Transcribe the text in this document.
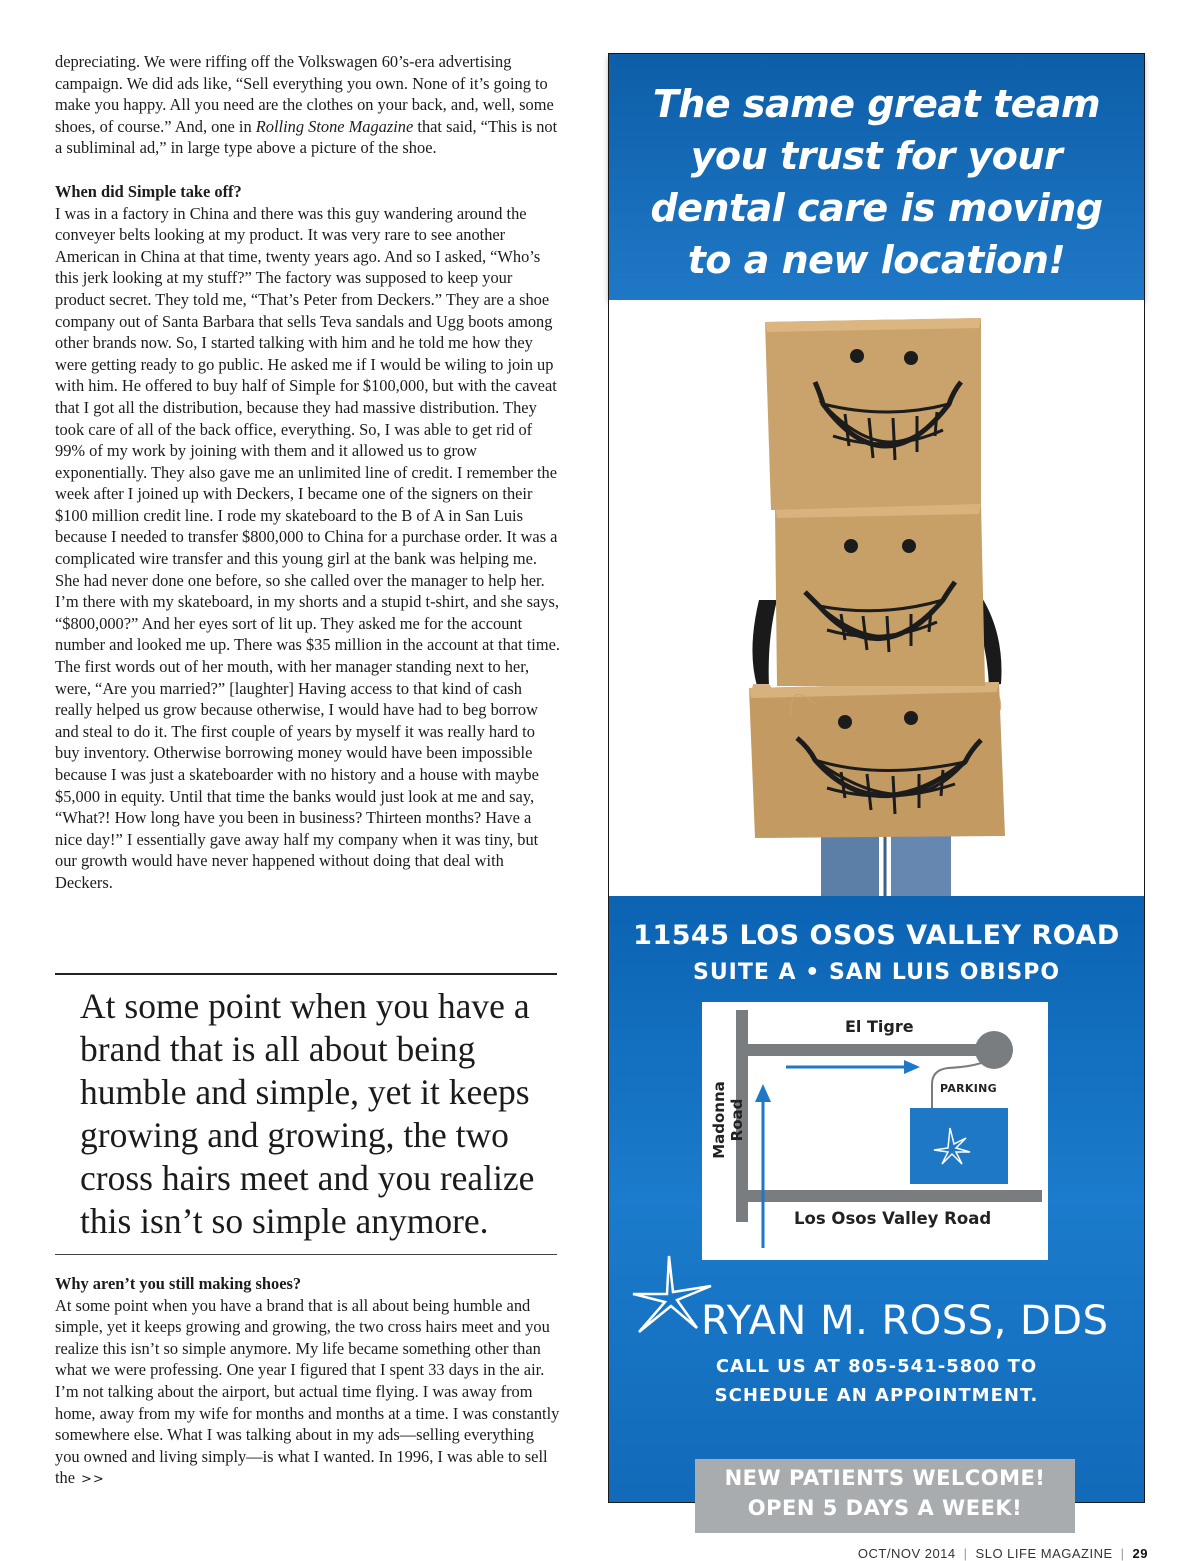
depreciating. We were riffing off the Volkswagen 60’s-era advertising campaign. We did ads like, “Sell everything you own. None of it’s going to make you happy. All you need are the clothes on your back, and, well, some shoes, of course.” And, one in Rolling Stone Magazine that said, “This is not a subliminal ad,” in large type above a picture of the shoe.

When did Simple take off?

I was in a factory in China and there was this guy wandering around the conveyer belts looking at my product. It was very rare to see another American in China at that time, twenty years ago. And so I asked, “Who’s this jerk looking at my stuff?” The factory was supposed to keep your product secret. They told me, “That’s Peter from Deckers.” They are a shoe company out of Santa Barbara that sells Teva sandals and Ugg boots among other brands now. So, I started talking with him and he told me how they were getting ready to go public. He asked me if I would be wiling to join up with him. He offered to buy half of Simple for $100,000, but with the caveat that I got all the distribution, because they had massive distribution. They took care of all of the back office, everything. So, I was able to get rid of 99% of my work by joining with them and it allowed us to grow exponentially. They also gave me an unlimited line of credit. I remember the week after I joined up with Deckers, I became one of the signers on their $100 million credit line. I rode my skateboard to the B of A in San Luis because I needed to transfer $800,000 to China for a purchase order. It was a complicated wire transfer and this young girl at the bank was helping me. She had never done one before, so she called over the manager to help her. I’m there with my skateboard, in my shorts and a stupid t-shirt, and she says, “$800,000?” And her eyes sort of lit up. They asked me for the account number and looked me up. There was $35 million in the account at that time. The first words out of her mouth, with her manager standing next to her, were, “Are you married?” [laughter] Having access to that kind of cash really helped us grow because otherwise, I would have had to beg borrow and steal to do it. The first couple of years by myself it was really hard to buy inventory. Otherwise borrowing money would have been impossible because I was just a skateboarder with no history and a house with maybe $5,000 in equity. Until that time the banks would just look at me and say, “What?! How long have you been in business? Thirteen months? Have a nice day!” I essentially gave away half my company when it was tiny, but our growth would have never happened without doing that deal with Deckers.

At some point when you have a brand that is all about being humble and simple, yet it keeps growing and growing, the two cross hairs meet and you realize this isn’t so simple anymore.

Why aren’t you still making shoes?

At some point when you have a brand that is all about being humble and simple, yet it keeps growing and growing, the two cross hairs meet and you realize this isn’t so simple anymore. My life became something other than what we were professing. One year I figured that I spent 33 days in the air. I’m not talking about the airport, but actual time flying. I was away from home, away from my wife for months and months at a time. I was constantly somewhere else. What I was talking about in my ads—selling everything you owned and living simply—is what I wanted. In 1996, I was able to sell the >>

The same great team you trust for your dental care is moving to a new location!

11545 LOS OSOS VALLEY ROAD

SUITE A • SAN LUIS OBISPO

El Tigre
PARKING
Los Osos Valley Road
Madonna Road

RYAN M. ROSS, DDS

CALL US AT 805-541-5800 TO
SCHEDULE AN APPOINTMENT.

NEW PATIENTS WELCOME!
OPEN 5 DAYS A WEEK!

OCT/NOV 2014 | SLO LIFE MAGAZINE | 29
